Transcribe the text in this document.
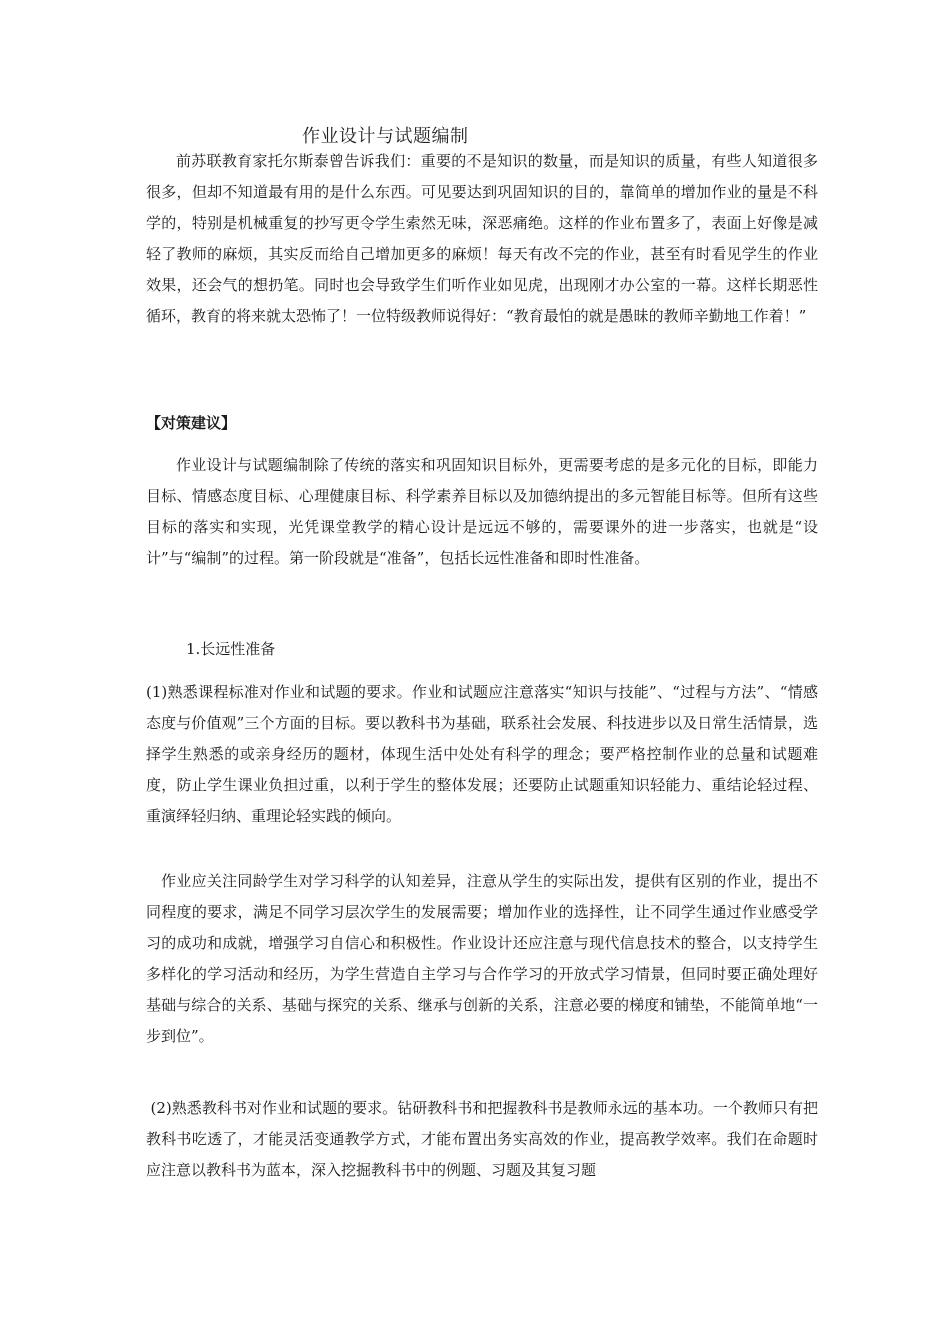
作业设计与试题编制
前苏联教育家托尔斯泰曾告诉我们：重要的不是知识的数量，而是知识的质量，有些人知道很多很多，但却不知道最有用的是什么东西。可见要达到巩固知识的目的，靠简单的增加作业的量是不科学的，特别是机械重复的抄写更令学生索然无味，深恶痛绝。这样的作业布置多了，表面上好像是减轻了教师的麻烦，其实反而给自己增加更多的麻烦！每天有改不完的作业，甚至有时看见学生的作业效果，还会气的想扔笔。同时也会导致学生们听作业如见虎，出现刚才办公室的一幕。这样长期恶性循环，教育的将来就太恐怖了！一位特级教师说得好：“教育最怕的就是愚昧的教师辛勤地工作着！”
【对策建议】
作业设计与试题编制除了传统的落实和巩固知识目标外，更需要考虑的是多元化的目标，即能力目标、情感态度目标、心理健康目标、科学素养目标以及加德纳提出的多元智能目标等。但所有这些目标的落实和实现，光凭课堂教学的精心设计是远远不够的，需要课外的进一步落实，也就是“设计”与“编制”的过程。第一阶段就是“准备”，包括长远性准备和即时性准备。
1.长远性准备
(1)熟悉课程标准对作业和试题的要求。作业和试题应注意落实“知识与技能”、“过程与方法”、“情感态度与价值观”三个方面的目标。要以教科书为基础，联系社会发展、科技进步以及日常生活情景，选择学生熟悉的或亲身经历的题材，体现生活中处处有科学的理念；要严格控制作业的总量和试题难度，防止学生课业负担过重，以利于学生的整体发展；还要防止试题重知识轻能力、重结论轻过程、重演绎轻归纳、重理论轻实践的倾向。
作业应关注同龄学生对学习科学的认知差异，注意从学生的实际出发，提供有区别的作业，提出不同程度的要求，满足不同学习层次学生的发展需要；增加作业的选择性，让不同学生通过作业感受学习的成功和成就，增强学习自信心和积极性。作业设计还应注意与现代信息技术的整合，以支持学生多样化的学习活动和经历，为学生营造自主学习与合作学习的开放式学习情景，但同时要正确处理好基础与综合的关系、基础与探究的关系、继承与创新的关系，注意必要的梯度和铺垫，不能简单地“一步到位”。
(2)熟悉教科书对作业和试题的要求。钻研教科书和把握教科书是教师永远的基本功。一个教师只有把教科书吃透了，才能灵活变通教学方式，才能布置出务实高效的作业，提高教学效率。我们在命题时应注意以教科书为蓝本，深入挖掘教科书中的例题、习题及其复习题
